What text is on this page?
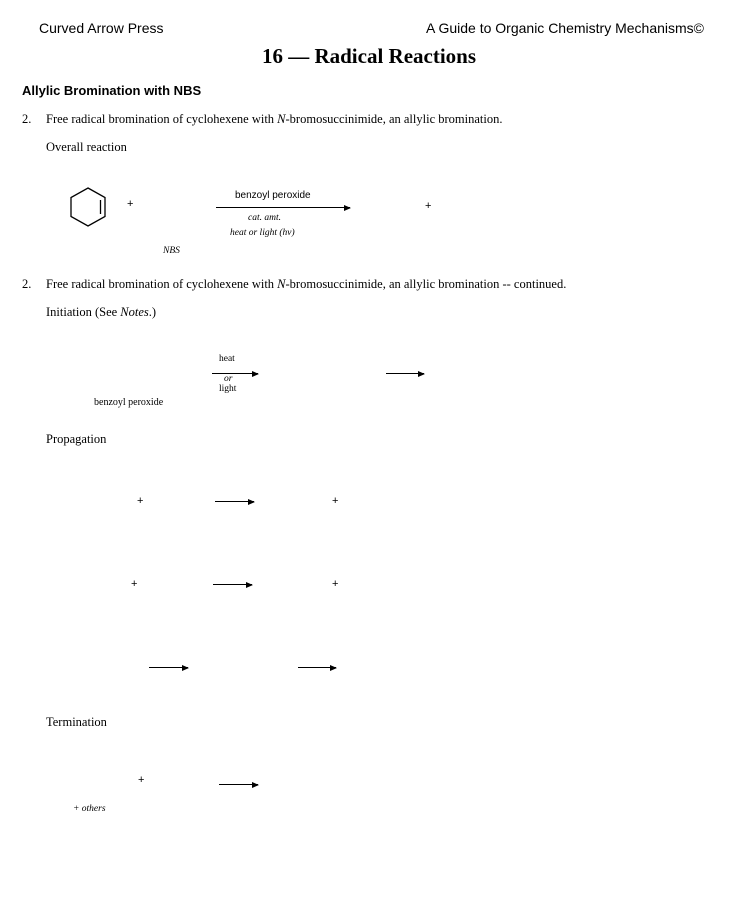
Curved Arrow Press	A Guide to Organic Chemistry Mechanisms©
16 — Radical Reactions
Allylic Bromination with NBS
2. Free radical bromination of cyclohexene with N-bromosuccinimide, an allylic bromination.
Overall reaction
+
benzoyl peroxide
cat. amt.
heat or light (hν)
+
NBS
2. Free radical bromination of cyclohexene with N-bromosuccinimide, an allylic bromination -- continued.
Initiation (See Notes.)
heat
or
light
benzoyl peroxide
Propagation
+	+
+	+
Termination
+
+ others
